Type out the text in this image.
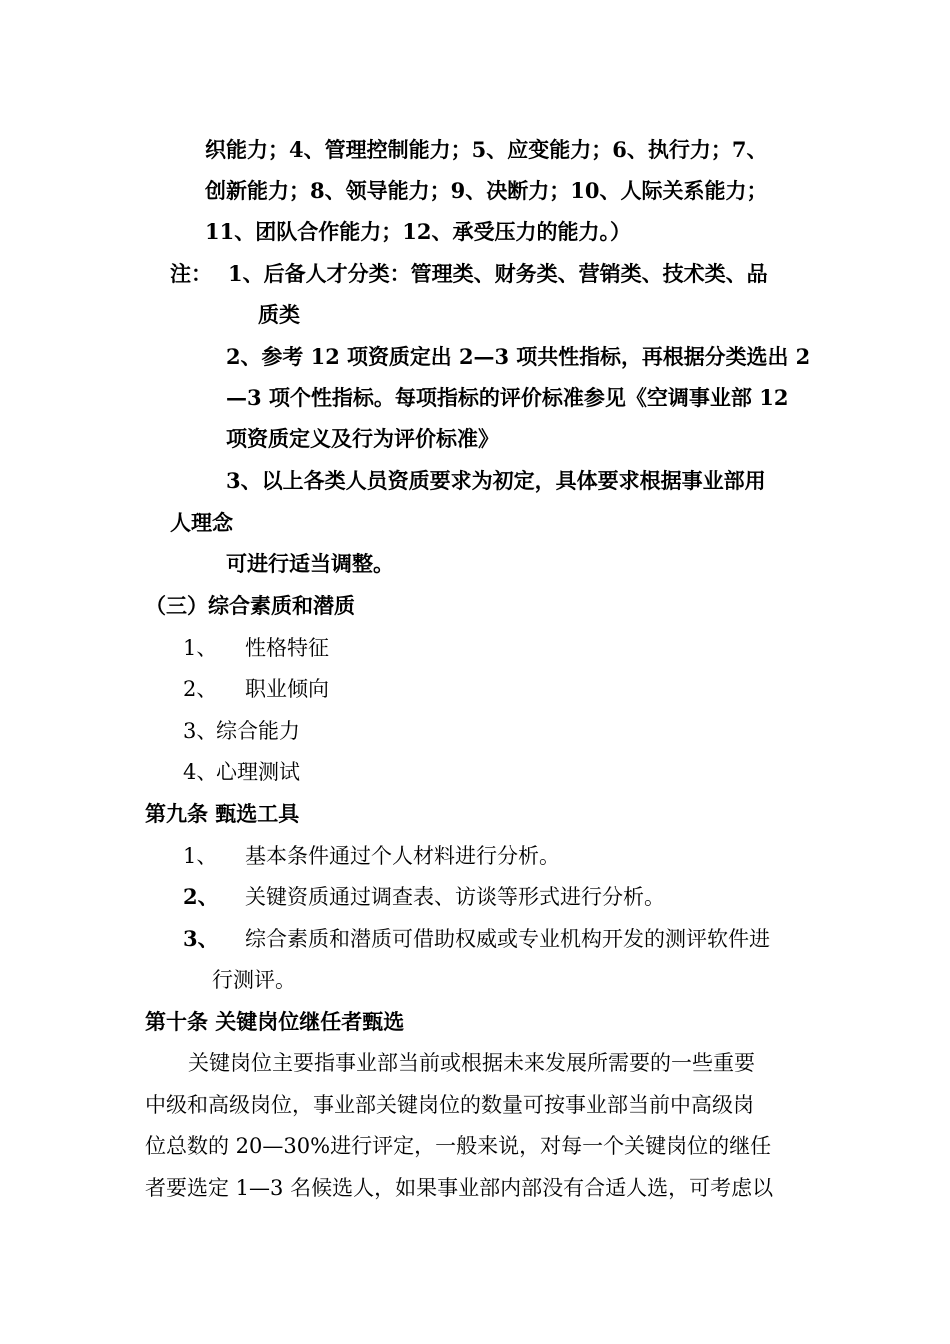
织能力；4、管理控制能力；5、应变能力；6、执行力；7、
创新能力；8、领导能力；9、决断力；10、人际关系能力；
11、团队合作能力；12、承受压力的能力。）
注： 1、后备人才分类：管理类、财务类、营销类、技术类、品
质类
2、参考 12 项资质定出 2—3 项共性指标，再根据分类选出 2
—3 项个性指标。每项指标的评价标准参见《空调事业部 12
项资质定义及行为评价标准》
3、以上各类人员资质要求为初定，具体要求根据事业部用
人理念
可进行适当调整。
（三）综合素质和潜质
1、 性格特征
2、 职业倾向
3、
综合能力
4、
心理测试
第九条 甄选工具
1、 基本条件通过个人材料进行分析。
2、 关键资质通过调查表、访谈等形式进行分析。
3、 综合素质和潜质可借助权威或专业机构开发的测评软件进
行测评。
第十条 关键岗位继任者甄选
关键岗位主要指事业部当前或根据未来发展所需要的一些重要
中级和高级岗位，事业部关键岗位的数量可按事业部当前中高级岗
位总数的 20—30%进行评定，一般来说，对每一个关键岗位的继任
者要选定 1—3 名候选人，如果事业部内部没有合适人选，可考虑以
